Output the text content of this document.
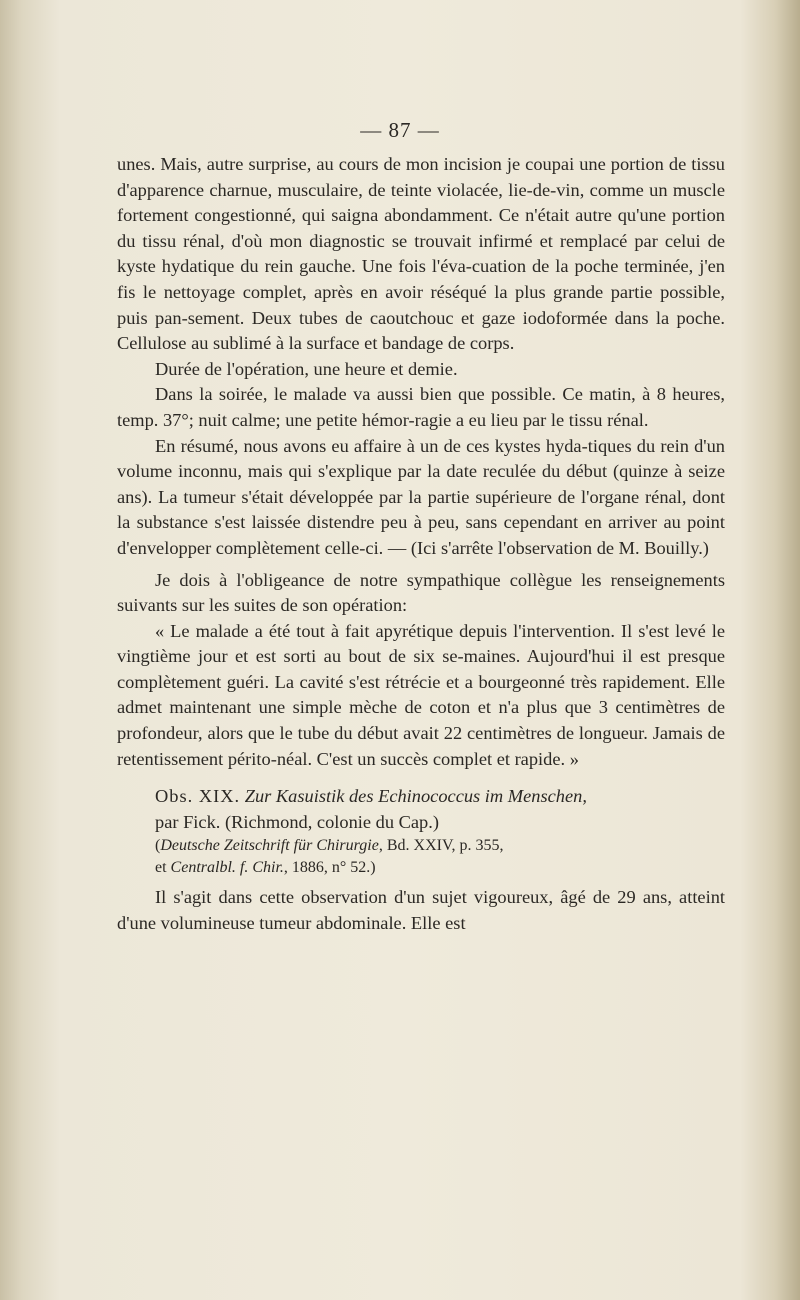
— 87 —

unes. Mais, autre surprise, au cours de mon incision je coupai une portion de tissu d'apparence charnue, musculaire, de teinte violacée, lie-de-vin, comme un muscle fortement congestionné, qui saigna abondamment. Ce n'était autre qu'une portion du tissu rénal, d'où mon diagnostic se trouvait infirmé et remplacé par celui de kyste hydatique du rein gauche. Une fois l'éva-cuation de la poche terminée, j'en fis le nettoyage complet, après en avoir réséqué la plus grande partie possible, puis pan-sement. Deux tubes de caoutchouc et gaze iodoformée dans la poche. Cellulose au sublimé à la surface et bandage de corps.

Durée de l'opération, une heure et demie.

Dans la soirée, le malade va aussi bien que possible. Ce matin, à 8 heures, temp. 37°; nuit calme; une petite hémor-ragie a eu lieu par le tissu rénal.

En résumé, nous avons eu affaire à un de ces kystes hyda-tiques du rein d'un volume inconnu, mais qui s'explique par la date reculée du début (quinze à seize ans). La tumeur s'était développée par la partie supérieure de l'organe rénal, dont la substance s'est laissée distendre peu à peu, sans cependant en arriver au point d'envelopper complètement celle-ci. — (Ici s'arrête l'observation de M. Bouilly.)

Je dois à l'obligeance de notre sympathique collègue les renseignements suivants sur les suites de son opération:

« Le malade a été tout à fait apyrétique depuis l'intervention. Il s'est levé le vingtième jour et est sorti au bout de six se-maines. Aujourd'hui il est presque complètement guéri. La cavité s'est rétrécie et a bourgeonné très rapidement. Elle admet maintenant une simple mèche de coton et n'a plus que 3 centimètres de profondeur, alors que le tube du début avait 22 centimètres de longueur. Jamais de retentissement périto-néal. C'est un succès complet et rapide. »

Obs. XIX. Zur Kasuistik des Echinococcus im Menschen,

par Fick. (Richmond, colonie du Cap.)

(Deutsche Zeitschrift für Chirurgie, Bd. XXIV, p. 355,

et Centralbl. f. Chir., 1886, n° 52.)

Il s'agit dans cette observation d'un sujet vigoureux, âgé de 29 ans, atteint d'une volumineuse tumeur abdominale. Elle est
